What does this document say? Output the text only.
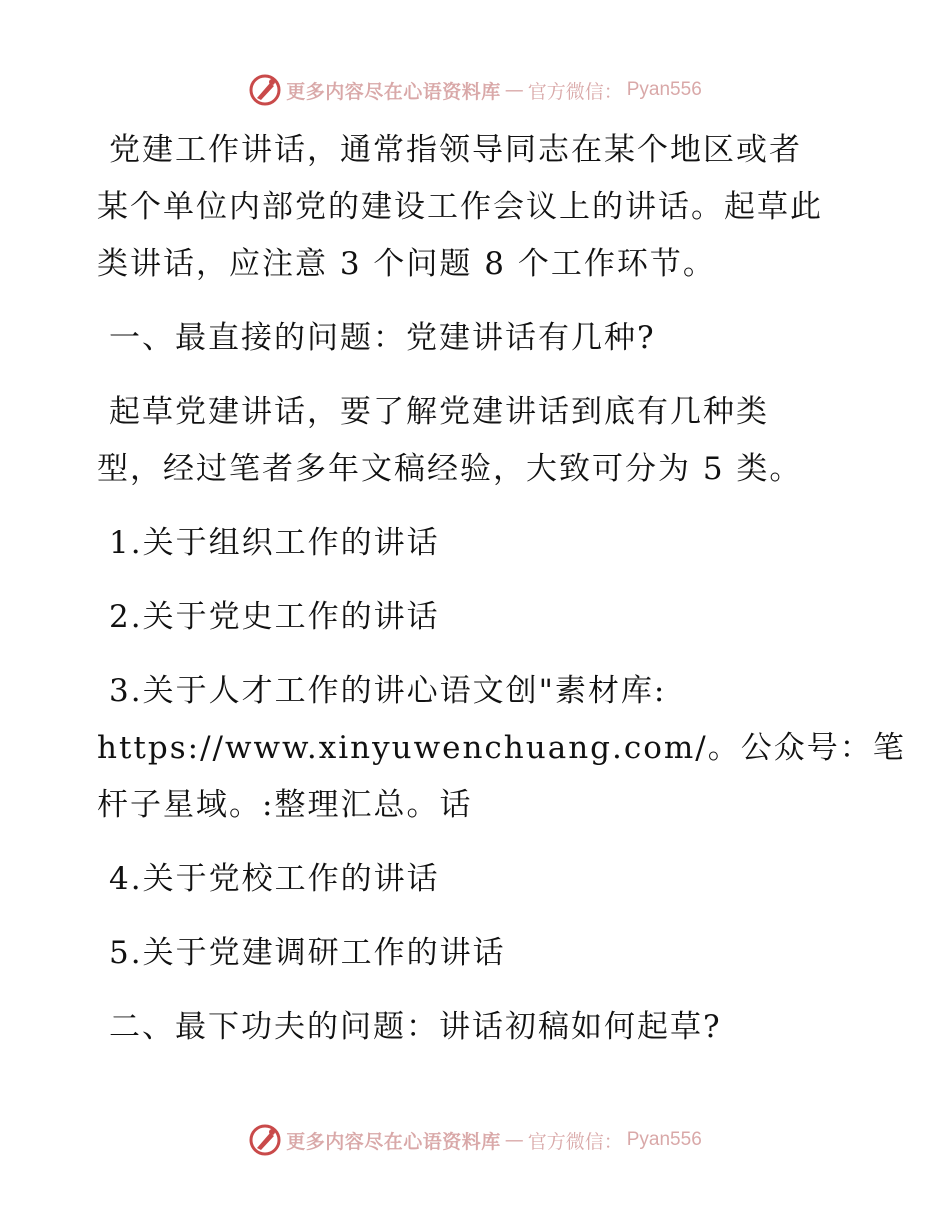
更多内容尽在心语资料库 — 官方微信： Pyan556

党建工作讲话，通常指领导同志在某个地区或者

某个单位内部党的建设工作会议上的讲话。起草此

类讲话，应注意 3 个问题 8 个工作环节。

一、最直接的问题：党建讲话有几种?

起草党建讲话，要了解党建讲话到底有几种类

型，经过笔者多年文稿经验，大致可分为 5 类。

1.关于组织工作的讲话

2.关于党史工作的讲话

3.关于人才工作的讲心语文创"素材库:

https://www.xinyuwenchuang.com/。公众号：笔

杆子星域。:整理汇总。话

4.关于党校工作的讲话

5.关于党建调研工作的讲话

二、最下功夫的问题：讲话初稿如何起草?

更多内容尽在心语资料库 — 官方微信： Pyan556
